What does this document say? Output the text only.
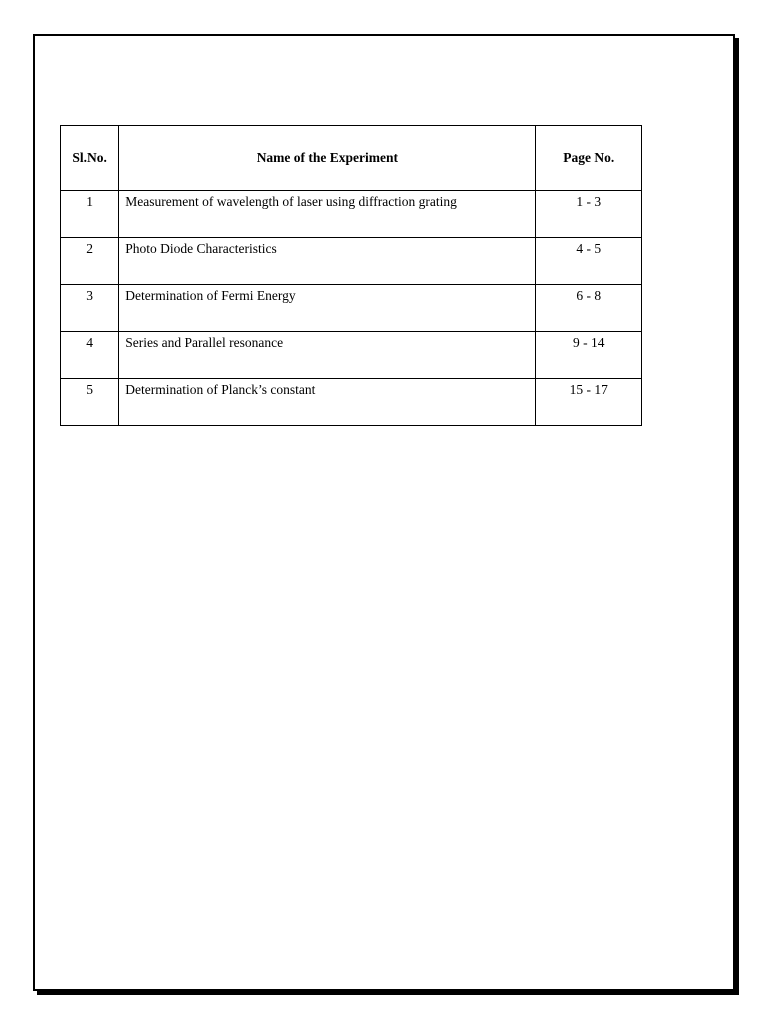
Sl.No.	Name of the Experiment	Page No.
1	Measurement of wavelength of laser using diffraction grating	1 - 3
2	Photo Diode Characteristics	4 - 5
3	Determination of Fermi Energy	6 - 8
4	Series and Parallel resonance	9 - 14
5	Determination of Planck’s constant	15 - 17
